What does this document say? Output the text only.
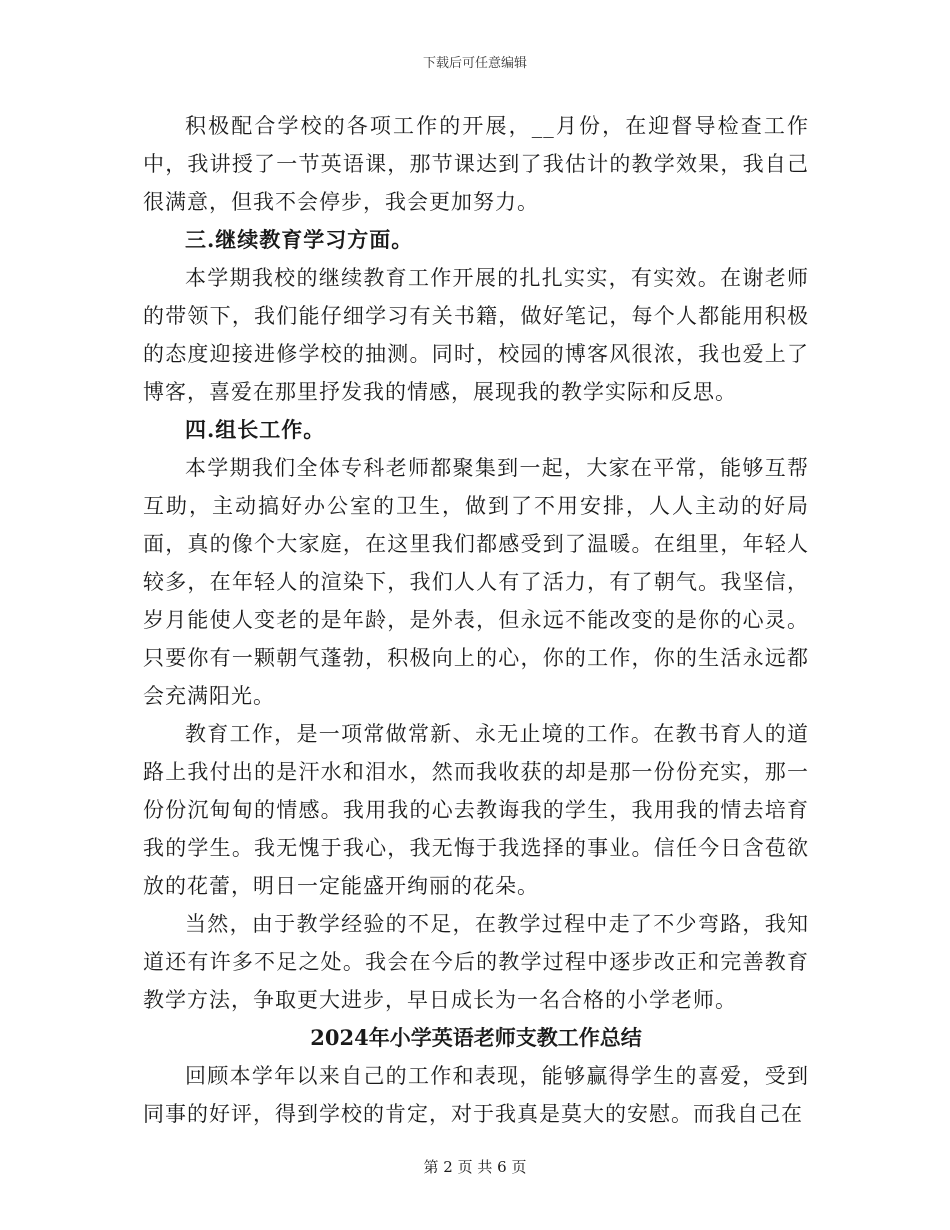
下载后可任意编辑

积极配合学校的各项工作的开展，__月份，在迎督导检查工作中，我讲授了一节英语课，那节课达到了我估计的教学效果，我自己很满意，但我不会停步，我会更加努力。

三.继续教育学习方面。

本学期我校的继续教育工作开展的扎扎实实，有实效。在谢老师的带领下，我们能仔细学习有关书籍，做好笔记，每个人都能用积极的态度迎接进修学校的抽测。同时，校园的博客风很浓，我也爱上了博客，喜爱在那里抒发我的情感，展现我的教学实际和反思。

四.组长工作。

本学期我们全体专科老师都聚集到一起，大家在平常，能够互帮互助，主动搞好办公室的卫生，做到了不用安排，人人主动的好局面，真的像个大家庭，在这里我们都感受到了温暖。在组里，年轻人较多，在年轻人的渲染下，我们人人有了活力，有了朝气。我坚信，岁月能使人变老的是年龄，是外表，但永远不能改变的是你的心灵。只要你有一颗朝气蓬勃，积极向上的心，你的工作，你的生活永远都会充满阳光。

教育工作，是一项常做常新、永无止境的工作。在教书育人的道路上我付出的是汗水和泪水，然而我收获的却是那一份份充实，那一份份沉甸甸的情感。我用我的心去教诲我的学生，我用我的情去培育我的学生。我无愧于我心，我无悔于我选择的事业。信任今日含苞欲放的花蕾，明日一定能盛开绚丽的花朵。

当然，由于教学经验的不足，在教学过程中走了不少弯路，我知道还有许多不足之处。我会在今后的教学过程中逐步改正和完善教育教学方法，争取更大进步，早日成长为一名合格的小学老师。

2024年小学英语老师支教工作总结

回顾本学年以来自己的工作和表现，能够赢得学生的喜爱，受到同事的好评，得到学校的肯定，对于我真是莫大的安慰。而我自己在

第 2 页 共 6 页
